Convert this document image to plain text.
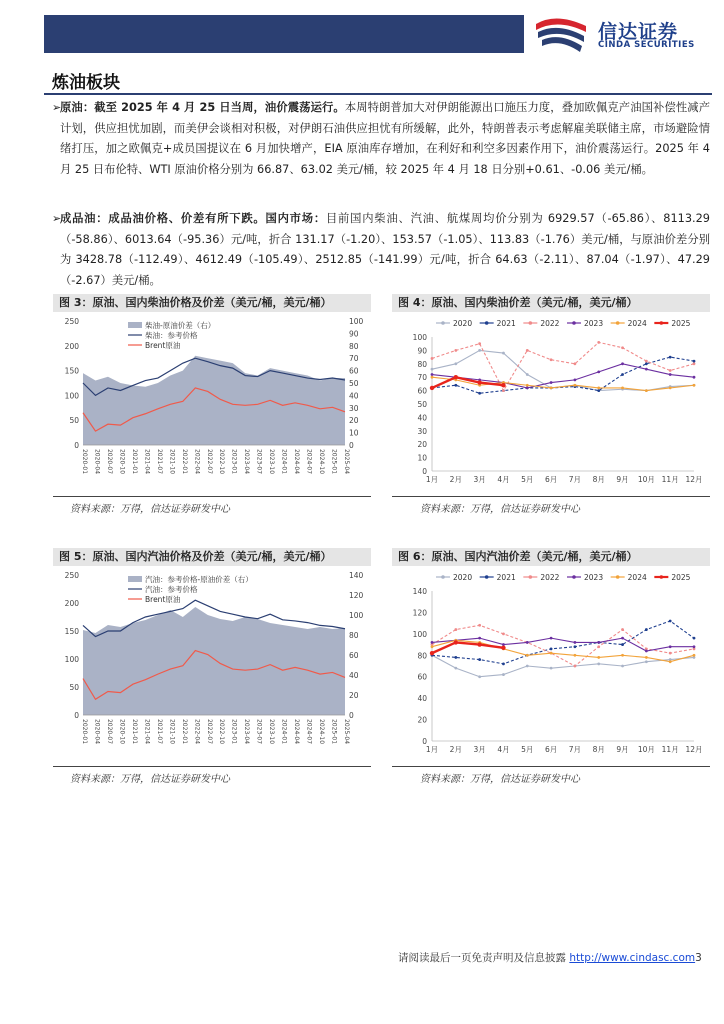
信达证券
CINDA SECURITIES
炼油板块
➢
原油：截至 2025 年 4 月 25 日当周，油价震荡运行。本周特朗普加大对伊朗能源出口施压力度，叠加欧佩克产油国补偿性减产计划，供应担忧加剧，而美伊会谈相对积极，对伊朗石油供应担忧有所缓解，此外，特朗普表示考虑解雇美联储主席，市场避险情绪打压，加之欧佩克+成员国提议在 6 月加快增产，EIA 原油库存增加，在利好和利空多因素作用下，油价震荡运行。2025 年 4 月 25 日布伦特、WTI 原油价格分别为 66.87、63.02 美元/桶，较 2025 年 4 月 18 日分别+0.61、-0.06 美元/桶。
➢
成品油：成品油价格、价差有所下跌。国内市场：目前国内柴油、汽油、航煤周均价分别为 6929.57（-65.86）、8113.29（-58.86）、6013.64（-95.36）元/吨，折合 131.17（-1.20）、153.57（-1.05）、113.83（-1.76）美元/桶，与原油价差分别为 3428.78（-112.49）、4612.49（-105.49）、2512.85（-141.99）元/吨，折合 64.63（-2.11）、87.04（-1.97）、47.29（-2.67）美元/桶。
图 3：原油、国内柴油价格及价差（美元/桶，美元/桶）	图 4：原油、国内柴油价差（美元/桶，美元/桶）
资料来源：万得，信达证券研发中心	资料来源：万得，信达证券研发中心
图 5：原油、国内汽油价格及价差（美元/桶，美元/桶）	图 6：原油、国内汽油价差（美元/桶，美元/桶）
资料来源：万得，信达证券研发中心	资料来源：万得，信达证券研发中心
0
50
100
150
200
250
0
10
20
30
40
50
60
70
80
90
100
2020-01 2020-04 2020-07 2020-10 2021-01 2021-04 2021-07 2021-10 2022-01 2022-04 2022-07 2022-10 2023-01 2023-04 2023-07 2023-10 2024-01 2024-04 2024-07 2024-10 2025-01 2025-04
柴油-原油价差（右）
柴油：参考价格
Brent原油
0
10
20
30
40
50
60
70
80
90
100
1月 2月 3月 4月 5月 6月 7月 8月 9月 10月 11月 12月
2020	2021	2022	2023	2024	2025
0
50
100
150
200
250
0
20
40
60
80
100
120
140
2020-01 2020-04 2020-07 2020-10 2021-01 2021-04 2021-07 2021-10 2022-01 2022-04 2022-07 2022-10 2023-01 2023-04 2023-07 2023-10 2024-01 2024-04 2024-07 2024-10 2025-01 2025-04
汽油：参考价格-原油价差（右）
汽油：参考价格
Brent原油
0
20
40
60
80
100
120
140
1月 2月 3月 4月 5月 6月 7月 8月 9月 10月 11月 12月
2020	2021	2022	2023	2024	2025
请阅读最后一页免责声明及信息披露 http://www.cindasc.com3
